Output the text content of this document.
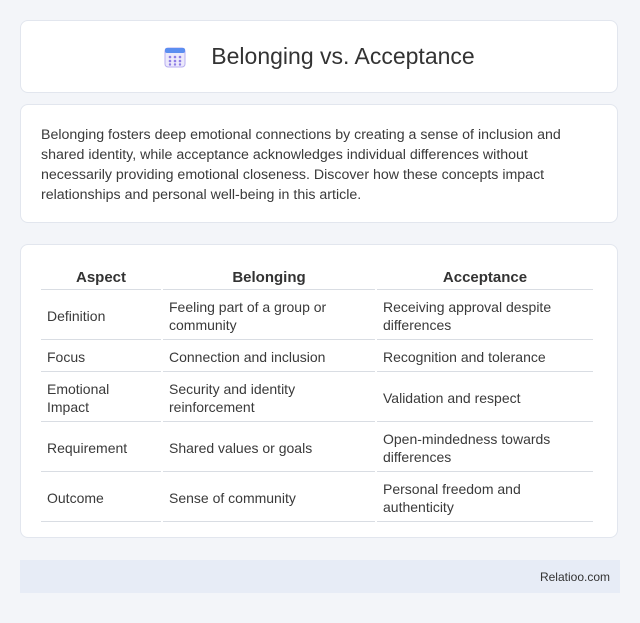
Belonging vs. Acceptance

Belonging fosters deep emotional connections by creating a sense of inclusion and shared identity, while acceptance acknowledges individual differences without necessarily providing emotional closeness. Discover how these concepts impact relationships and personal well-being in this article.

Aspect	Belonging	Acceptance
Definition	Feeling part of a group or community	Receiving approval despite differences
Focus	Connection and inclusion	Recognition and tolerance
Emotional Impact	Security and identity reinforcement	Validation and respect
Requirement	Shared values or goals	Open-mindedness towards differences
Outcome	Sense of community	Personal freedom and authenticity
Relatioo.com
